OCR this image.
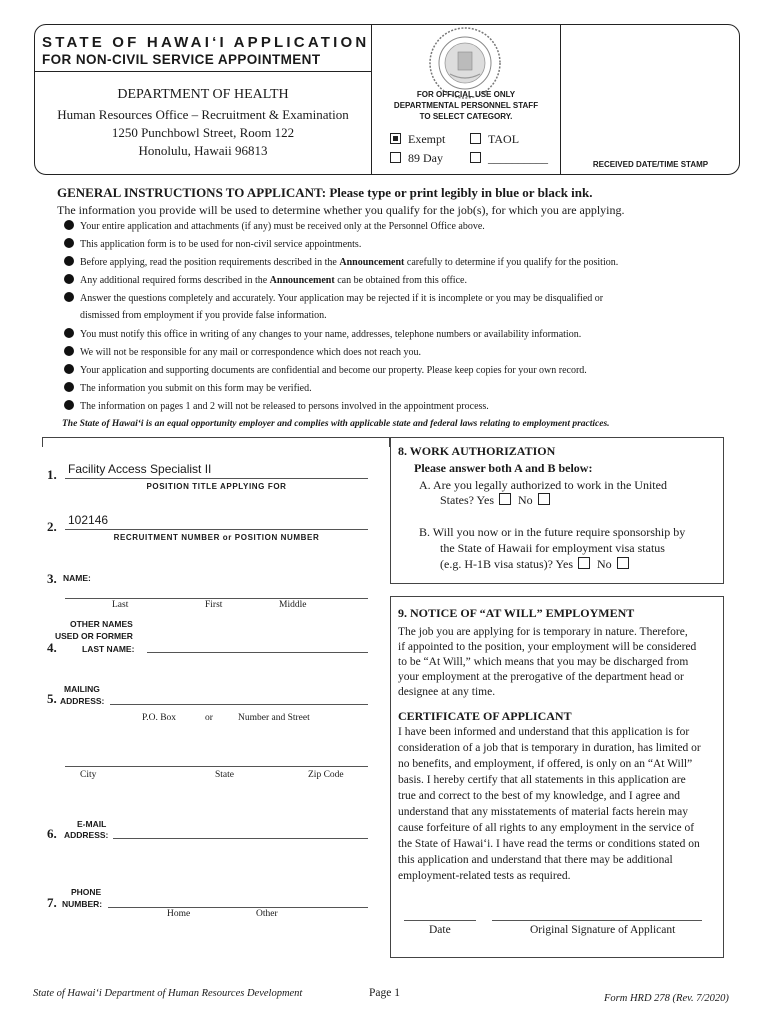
STATE OF HAWAI‘I APPLICATION
FOR NON-CIVIL SERVICE APPOINTMENT
DEPARTMENT OF HEALTH
Human Resources Office – Recruitment & Examination
1250 Punchbowl Street, Room 122
Honolulu, Hawaii 96813
FOR OFFICIAL USE ONLY
DEPARTMENTAL PERSONNEL STAFF
TO SELECT CATEGORY.
Exempt	TAOL
89 Day	__________	RECEIVED DATE/TIME STAMP
GENERAL INSTRUCTIONS TO APPLICANT: Please type or print legibly in blue or black ink.
The information you provide will be used to determine whether you qualify for the job(s), for which you are applying.
Your entire application and attachments (if any) must be received only at the Personnel Office above.
This application form is to be used for non-civil service appointments.
Before applying, read the position requirements described in the Announcement carefully to determine if you qualify for the position.
Any additional required forms described in the Announcement can be obtained from this office.
Answer the questions completely and accurately. Your application may be rejected if it is incomplete or you may be disqualified or
dismissed from employment if you provide false information.
You must notify this office in writing of any changes to your name, addresses, telephone numbers or availability information.
We will not be responsible for any mail or correspondence which does not reach you.
Your application and supporting documents are confidential and become our property. Please keep copies for your own record.
The information you submit on this form may be verified.
The information on pages 1 and 2 will not be released to persons involved in the appointment process.
The State of Hawai‘i is an equal opportunity employer and complies with applicable state and federal laws relating to employment practices.
1. Facility Access Specialist II
POSITION TITLE APPLYING FOR
2. 102146
RECRUITMENT NUMBER or POSITION NUMBER
3. NAME:
Last	First	Middle
OTHER NAMES
USED OR FORMER
4.	LAST NAME:
MAILING
5. ADDRESS:
P.O. Box	or	Number and Street
City	State	Zip Code
E-MAIL
6. ADDRESS:
PHONE
7. NUMBER:
Home	Other
8. WORK AUTHORIZATION
Please answer both A and B below:
A. Are you legally authorized to work in the United
States? Yes No
B. Will you now or in the future require sponsorship by
the State of Hawaii for employment visa status
(e.g. H-1B visa status)? Yes No
9. NOTICE OF “AT WILL” EMPLOYMENT
The job you are applying for is temporary in nature. Therefore,
if appointed to the position, your employment will be considered
to be “At Will,” which means that you may be discharged from
your employment at the prerogative of the department head or
designee at any time.
CERTIFICATE OF APPLICANT
I have been informed and understand that this application is for
consideration of a job that is temporary in duration, has limited or
no benefits, and employment, if offered, is only on an “At Will”
basis. I hereby certify that all statements in this application are
true and correct to the best of my knowledge, and I agree and
understand that any misstatements of material facts herein may
cause forfeiture of all rights to any employment in the service of
the State of Hawai‘i. I have read the terms or conditions stated on
this application and understand that there may be additional
employment-related tests as required.
Date	Original Signature of Applicant
State of Hawai‘i Department of Human Resources Development	Page 1	Form HRD 278 (Rev. 7/2020)
